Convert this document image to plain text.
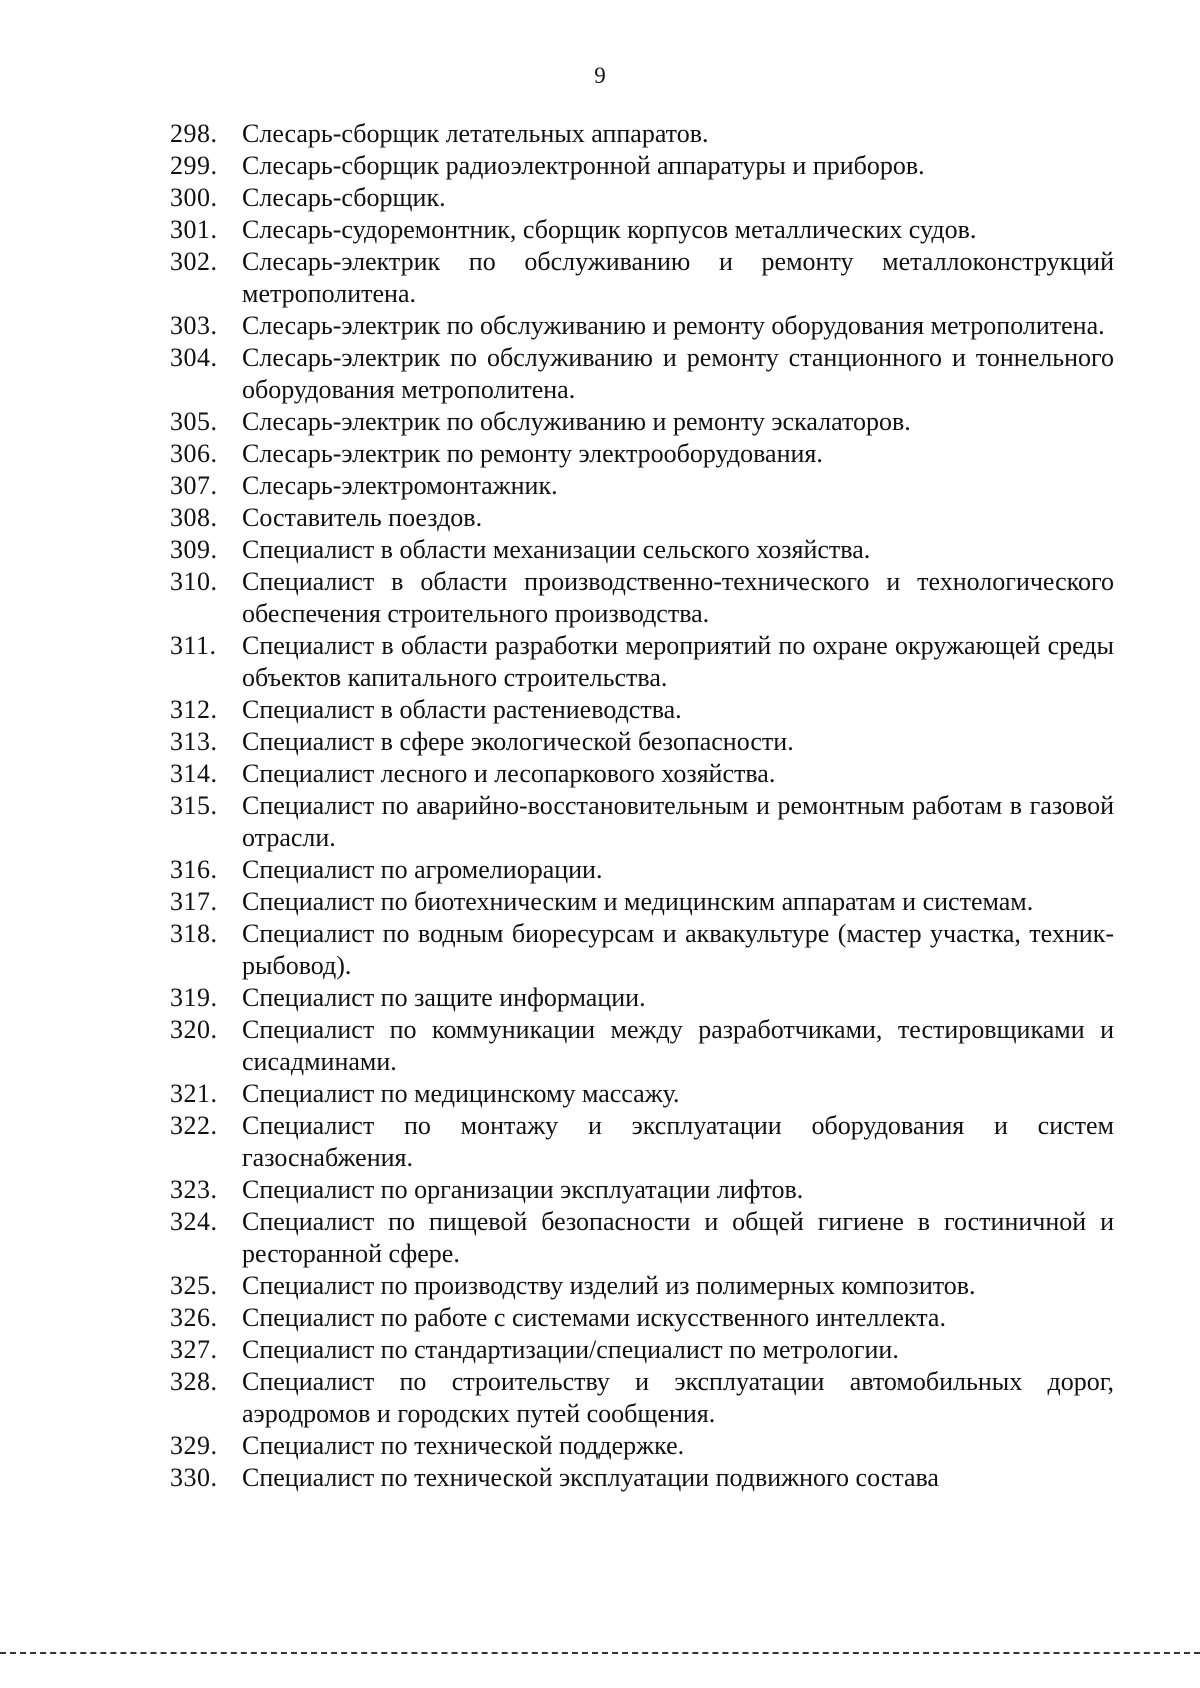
9
298. Слесарь-сборщик летательных аппаратов.
299. Слесарь-сборщик радиоэлектронной аппаратуры и приборов.
300. Слесарь-сборщик.
301. Слесарь-судоремонтник, сборщик корпусов металлических судов.
302. Слесарь-электрик по обслуживанию и ремонту металлоконструкций метрополитена.
303. Слесарь-электрик по обслуживанию и ремонту оборудования метрополитена.
304. Слесарь-электрик по обслуживанию и ремонту станционного и тоннельного оборудования метрополитена.
305. Слесарь-электрик по обслуживанию и ремонту эскалаторов.
306. Слесарь-электрик по ремонту электрооборудования.
307. Слесарь-электромонтажник.
308. Составитель поездов.
309. Специалист в области механизации сельского хозяйства.
310. Специалист в области производственно-технического и технологического обеспечения строительного производства.
311. Специалист в области разработки мероприятий по охране окружающей среды объектов капитального строительства.
312. Специалист в области растениеводства.
313. Специалист в сфере экологической безопасности.
314. Специалист лесного и лесопаркового хозяйства.
315. Специалист по аварийно-восстановительным и ремонтным работам в газовой отрасли.
316. Специалист по агромелиорации.
317. Специалист по биотехническим и медицинским аппаратам и системам.
318. Специалист по водным биоресурсам и аквакультуре (мастер участка, техник-рыбовод).
319. Специалист по защите информации.
320. Специалист по коммуникации между разработчиками, тестировщиками и сисадминами.
321. Специалист по медицинскому массажу.
322. Специалист по монтажу и эксплуатации оборудования и систем газоснабжения.
323. Специалист по организации эксплуатации лифтов.
324. Специалист по пищевой безопасности и общей гигиене в гостиничной и ресторанной сфере.
325. Специалист по производству изделий из полимерных композитов.
326. Специалист по работе с системами искусственного интеллекта.
327. Специалист по стандартизации/специалист по метрологии.
328. Специалист по строительству и эксплуатации автомобильных дорог, аэродромов и городских путей сообщения.
329. Специалист по технической поддержке.
330. Специалист по технической эксплуатации подвижного состава
